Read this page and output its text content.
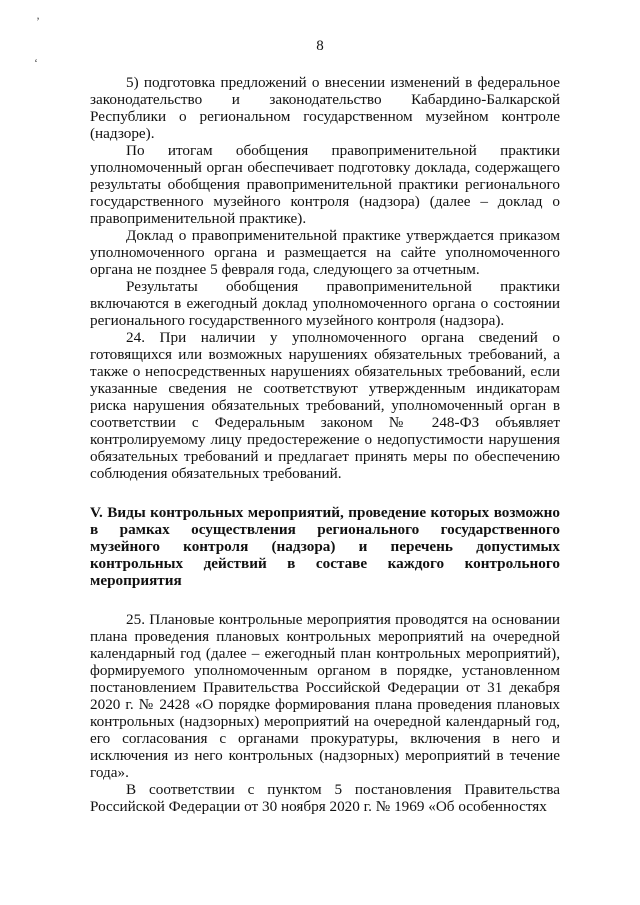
’
‘
8

5) подготовка предложений о внесении изменений в федеральное законодательство и законодательство Кабардино-Балкарской Республики о региональном государственном музейном контроле (надзоре).

По итогам обобщения правоприменительной практики уполномоченный орган обеспечивает подготовку доклада, содержащего результаты обобщения правоприменительной практики регионального государственного музейного контроля (надзора) (далее – доклад о правоприменительной практике).

Доклад о правоприменительной практике утверждается приказом уполномоченного органа и размещается на сайте уполномоченного органа не позднее 5 февраля года, следующего за отчетным.

Результаты обобщения правоприменительной практики включаются в ежегодный доклад уполномоченного органа о состоянии регионального государственного музейного контроля (надзора).

24. При наличии у уполномоченного органа сведений о готовящихся или возможных нарушениях обязательных требований, а также о непосредственных нарушениях обязательных требований, если указанные сведения не соответствуют утвержденным индикаторам риска нарушения обязательных требований, уполномоченный орган в соответствии с Федеральным законом № 248-ФЗ объявляет контролируемому лицу предостережение о недопустимости нарушения обязательных требований и предлагает принять меры по обеспечению соблюдения обязательных требований.

V. Виды контрольных мероприятий, проведение которых возможно в рамках осуществления регионального государственного музейного контроля (надзора) и перечень допустимых контрольных действий в составе каждого контрольного мероприятия

25. Плановые контрольные мероприятия проводятся на основании плана проведения плановых контрольных мероприятий на очередной календарный год (далее – ежегодный план контрольных мероприятий), формируемого уполномоченным органом в порядке, установленном постановлением Правительства Российской Федерации от 31 декабря 2020 г. № 2428 «О порядке формирования плана проведения плановых контрольных (надзорных) мероприятий на очередной календарный год, его согласования с органами прокуратуры, включения в него и исключения из него контрольных (надзорных) мероприятий в течение года».

В соответствии с пунктом 5 постановления Правительства Российской Федерации от 30 ноября 2020 г. № 1969 «Об особенностях
